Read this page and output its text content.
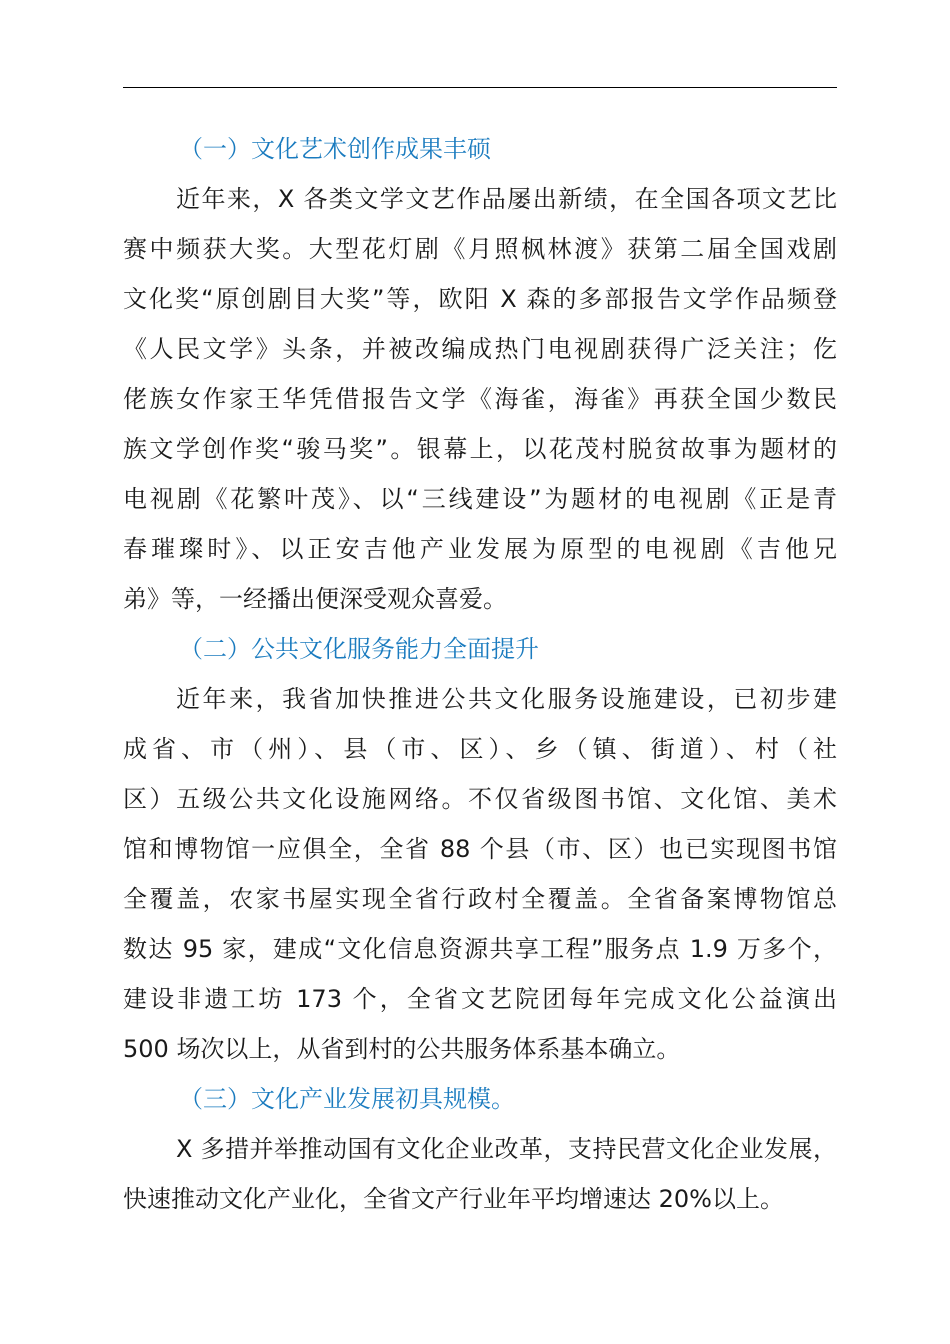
（一）文化艺术创作成果丰硕

近年来，X 各类文学文艺作品屡出新绩，在全国各项文艺比
赛中频获大奖。大型花灯剧《月照枫林渡》获第二届全国戏剧
文化奖“原创剧目大奖”等，欧阳 X 森的多部报告文学作品频登
《人民文学》头条，并被改编成热门电视剧获得广泛关注；仡
佬族女作家王华凭借报告文学《海雀，海雀》再获全国少数民
族文学创作奖“骏马奖”。银幕上，以花茂村脱贫故事为题材的
电视剧《花繁叶茂》、以“三线建设”为题材的电视剧《正是青
春璀璨时》、以正安吉他产业发展为原型的电视剧《吉他兄
弟》等，一经播出便深受观众喜爱。

（二）公共文化服务能力全面提升

近年来，我省加快推进公共文化服务设施建设，已初步建
成省、市（州）、县（市、区）、乡（镇、街道）、村（社
区）五级公共文化设施网络。不仅省级图书馆、文化馆、美术
馆和博物馆一应俱全，全省 88 个县（市、区）也已实现图书馆
全覆盖，农家书屋实现全省行政村全覆盖。全省备案博物馆总
数达 95 家，建成“文化信息资源共享工程”服务点 1.9 万多个，
建设非遗工坊 173 个，全省文艺院团每年完成文化公益演出
500 场次以上，从省到村的公共服务体系基本确立。

（三）文化产业发展初具规模。

X 多措并举推动国有文化企业改革，支持民营文化企业发展，
快速推动文化产业化，全省文产行业年平均增速达 20%以上。
